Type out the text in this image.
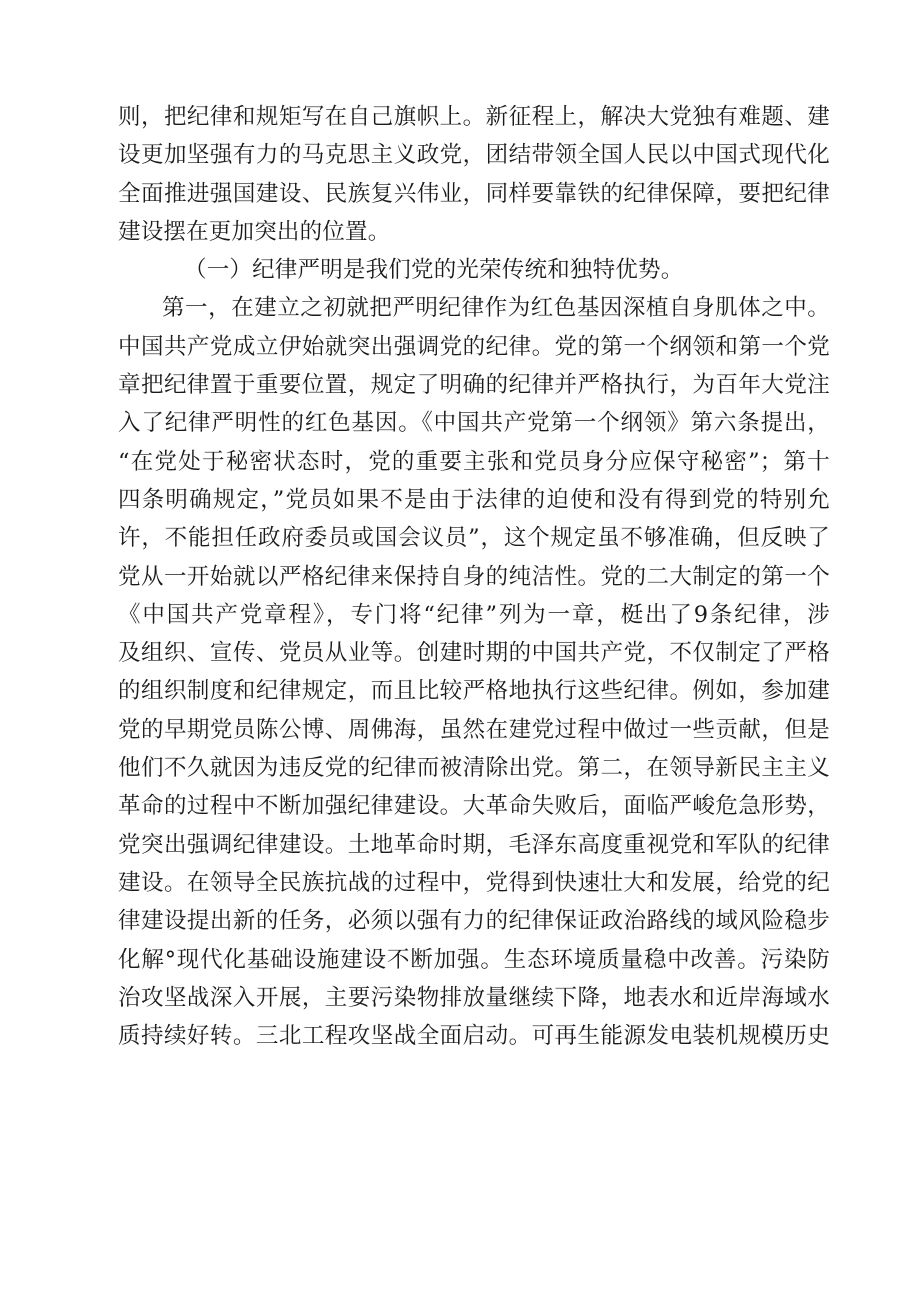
则，把纪律和规矩写在自己旗帜上。新征程上，解决大党独有难题、建
设更加坚强有力的马克思主义政党，团结带领全国人民以中国式现代化
全面推进强国建设、民族复兴伟业，同样要靠铁的纪律保障，要把纪律
建设摆在更加突出的位置。
（一）纪律严明是我们党的光荣传统和独特优势。
第一，在建立之初就把严明纪律作为红色基因深植自身肌体之中。
中国共产党成立伊始就突出强调党的纪律。党的第一个纲领和第一个党
章把纪律置于重要位置，规定了明确的纪律并严格执行，为百年大党注
入了纪律严明性的红色基因。《中国共产党第一个纲领》第六条提出，
“在党处于秘密状态时，党的重要主张和党员身分应保守秘密”；第十
四条明确规定，”党员如果不是由于法律的迫使和没有得到党的特别允
许，不能担任政府委员或国会议员”，这个规定虽不够准确，但反映了
党从一开始就以严格纪律来保持自身的纯洁性。党的二大制定的第一个
《中国共产党章程》，专门将“纪律”列为一章，梃出了9条纪律，涉
及组织、宣传、党员从业等。创建时期的中国共产党，不仅制定了严格
的组织制度和纪律规定，而且比较严格地执行这些纪律。例如，参加建
党的早期党员陈公博、周佛海，虽然在建党过程中做过一些贡献，但是
他们不久就因为违反党的纪律而被清除出党。第二，在领导新民主主义
革命的过程中不断加强纪律建设。大革命失败后，面临严峻危急形势，
党突出强调纪律建设。土地革命时期，毛泽东高度重视党和军队的纪律
建设。在领导全民族抗战的过程中，党得到快速壮大和发展，给党的纪
律建设提出新的任务，必须以强有力的纪律保证政治路线的域风险稳步
化解°现代化基础设施建设不断加强。生态环境质量稳中改善。污染防
治攻坚战深入开展，主要污染物排放量继续下降，地表水和近岸海域水
质持续好转。三北工程攻坚战全面启动。可再生能源发电装机规模历史
